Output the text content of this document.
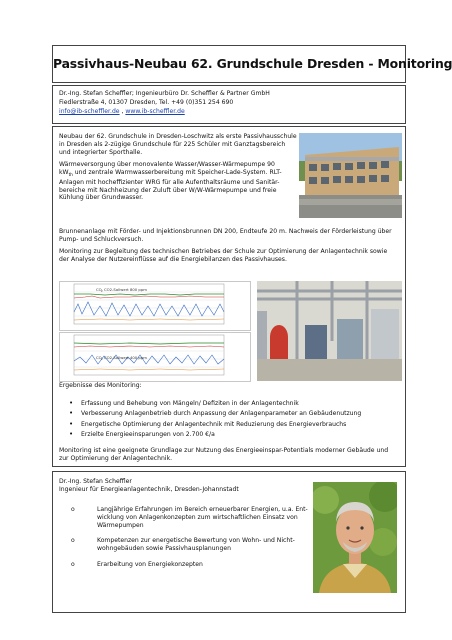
Passivhaus-Neubau 62. Grundschule Dresden - Monitoring
Dr.-Ing. Stefan Scheffler; Ingenieurbüro Dr. Scheffler & Partner GmbH
Fiedlerstraße 4, 01307 Dresden, Tel. +49 (0)351 254 690
info@ib-scheffler.de , www.ib-scheffler.de
Neubau der 62. Grundschule in Dresden-Loschwitz als erste Passivhausschule
in Dresden als 2-zügige Grundschule für 225 Schüler mit Ganztagsbereich
und integrierter Sporthalle.
Wärmeversorgung über monovalente Wasser/Wasser-Wärmepumpe 90
$kW_{th}$ und zentrale Warmwasserbereitung mit Speicher-Lade-System. RLT-
Anlagen mit hocheffizienter WRG für alle Aufenthaltsräume und Sanitär-
bereiche mit Nachheizung der Zuluft über W/W-Wärmepumpe und freie
Kühlung über Grundwasser.
Brunnenanlage mit Förder- und Injektionsbrunnen DN 200, Endteufe 20 m. Nachweis der Förderleistung über
Pump- und Schluckversuch.
Monitoring zur Begleitung des technischen Betriebes der Schule zur Optimierung der Anlagentechnik sowie
der Analyse der Nutzereinflüsse auf die Energiebilanzen des Passivhauses.
CO 2 CO2-Sollwert 800 ppm
CO 2 CO2-Sollwert 400 ppm
Ergebnisse des Monitoring:
• Erfassung und Behebung von Mängeln/ Defiziten in der Anlagentechnik
• Verbesserung Anlagenbetrieb durch Anpassung der Anlagenparameter an Gebäudenutzung
• Energetische Optimierung der Anlagentechnik mit Reduzierung des Energieverbrauchs
• Erzielte Energieeinsparungen von 2.700 €/a
Monitoring ist eine geeignete Grundlage zur Nutzung des Energieeinspar-Potentials moderner Gebäude und
zur Optimierung der Anlagentechnik.
Dr.-Ing. Stefan Scheffler
Ingenieur für Energieanlagentechnik, Dresden-Johannstadt
o	Langjährige Erfahrungen im Bereich erneuerbarer Energien, u.a. Ent-
wicklung von Anlagenkonzepten zum wirtschaftlichen Einsatz von
Wärmepumpen
o	Kompetenzen zur energetische Bewertung von Wohn- und Nicht-
wohngebäuden sowie Passivhausplanungen
o	Erarbeitung von Energiekonzepten
